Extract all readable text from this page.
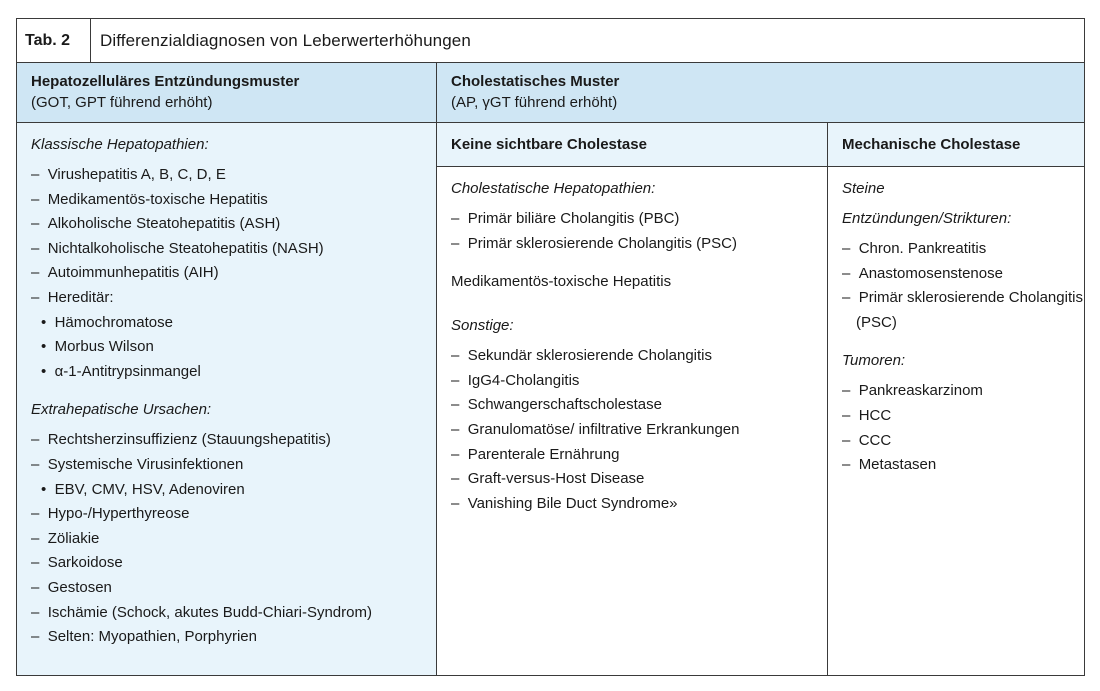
Tab. 2	Differenzialdiagnosen von Leberwerterhöhungen
Hepatozelluläres Entzündungsmuster
(GOT, GPT führend erhöht)
Cholestatisches Muster
(AP, γGT führend erhöht)
Klassische Hepatopathien:
–  Virushepatitis A, B, C, D, E
–  Medikamentös-toxische Hepatitis
–  Alkoholische Steatohepatitis (ASH)
–  Nichtalkoholische Steatohepatitis (NASH)
–  Autoimmunhepatitis (AIH)
–  Hereditär:
•  Hämochromatose
•  Morbus Wilson
•  α-1-Antitrypsinmangel
Extrahepatische Ursachen:
–  Rechtsherzinsuffizienz (Stauungshepatitis)
–  Systemische Virusinfektionen
•  EBV, CMV, HSV, Adenoviren
–  Hypo-/Hyperthyreose
–  Zöliakie
–  Sarkoidose
–  Gestosen
–  Ischämie (Schock, akutes Budd-Chiari-Syndrom)
–  Selten: Myopathien, Porphyrien
Keine sichtbare Cholestase	Mechanische Cholestase
Cholestatische Hepatopathien:
–  Primär biliäre Cholangitis (PBC)
–  Primär sklerosierende Cholangitis (PSC)
Medikamentös-toxische Hepatitis
Sonstige:
–  Sekundär sklerosierende Cholangitis
–  IgG4-Cholangitis
–  Schwangerschaftscholestase
–  Granulomatöse/ infiltrative Erkrankungen
–  Parenterale Ernährung
–  Graft-versus-Host Disease
–  Vanishing Bile Duct Syndrome»
Steine
Entzündungen/Strikturen:
–  Chron. Pankreatitis
–  Anastomosenstenose
–  Primär sklerosierende Cholangitis (PSC)
Tumoren:
–  Pankreaskarzinom
–  HCC
–  CCC
–  Metastasen
